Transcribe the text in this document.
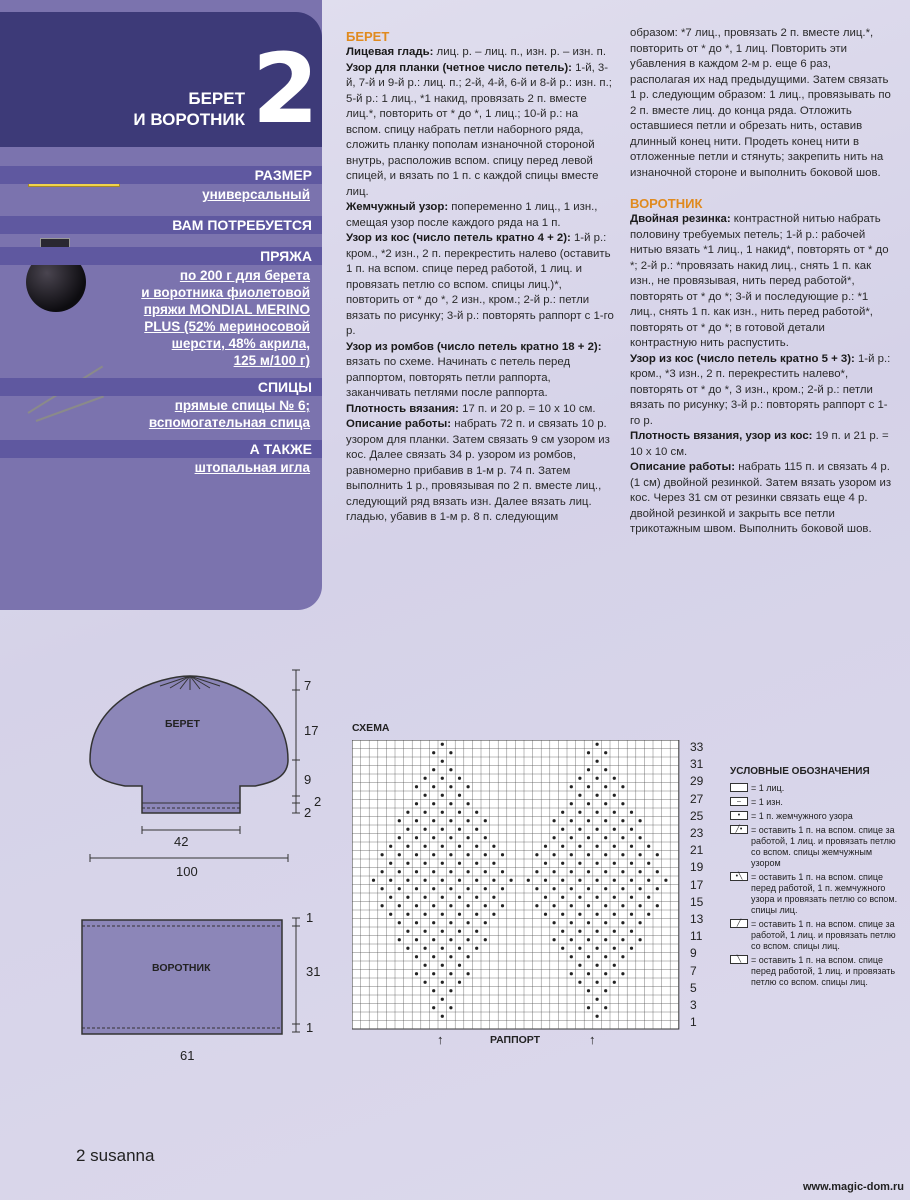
БЕРЕТ
И ВОРОТНИК 2
РАЗМЕР
универсальный
ВАМ ПОТРЕБУЕТСЯ
ПРЯЖА
по 200 г для берета
и воротника фиолетовой
пряжи MONDIAL MERINO
PLUS (52% мериносовой
шерсти, 48% акрила,
125 м/100 г)
СПИЦЫ
прямые спицы № 6;
вспомогательная спица
А ТАКЖЕ
штопальная игла
БЕРЕТ

Лицевая гладь: лиц. р. – лиц. п., изн. р. – изн. п.

Узор для планки (четное число петель): 1-й, 3-й, 7-й и 9-й р.: лиц. п.; 2-й, 4-й, 6-й и 8-й р.: изн. п.; 5-й р.: 1 лиц., *1 накид, провязать 2 п. вместе лиц.*, повторить от * до *, 1 лиц.; 10-й р.: на вспом. спицу набрать петли наборного ряда, сложить планку пополам изнаночной стороной внутрь, расположив вспом. спицу перед левой спицей, и вязать по 1 п. с каждой спицы вместе лиц.

Жемчужный узор: попеременно 1 лиц., 1 изн., смещая узор после каждого ряда на 1 п.

Узор из кос (число петель кратно 4 + 2): 1-й р.: кром., *2 изн., 2 п. перекрестить налево (оставить 1 п. на вспом. спице перед работой, 1 лиц. и провязать петлю со вспом. спицы лиц.)*, повторить от * до *, 2 изн., кром.; 2-й р.: петли вязать по рисунку; 3-й р.: повторять раппорт с 1-го р.

Узор из ромбов (число петель кратно 18 + 2): вязать по схеме. Начинать с петель перед раппортом, повторять петли раппорта, заканчивать петлями после раппорта.

Плотность вязания: 17 п. и 20 р. = 10 х 10 см.

Описание работы: набрать 72 п. и связать 10 р. узором для планки. Затем связать 9 см узором из кос. Далее связать 34 р. узором из ромбов, равномерно прибавив в 1-м р. 74 п. Затем выполнить 1 р., провязывая по 2 п. вместе лиц., следующий ряд вязать изн. Далее вязать лиц. гладью, убавив в 1-м р. 8 п. следующим

образом: *7 лиц., провязать 2 п. вместе лиц.*, повторить от * до *, 1 лиц. Повторить эти убавления в каждом 2-м р. еще 6 раз, располагая их над предыдущими. Затем связать 1 р. следующим образом: 1 лиц., провязывать по 2 п. вместе лиц. до конца ряда. Отложить оставшиеся петли и обрезать нить, оставив длинный конец нити. Продеть конец нити в отложенные петли и стянуть; закрепить нить на изнаночной стороне и выполнить боковой шов.

ВОРОТНИК

Двойная резинка: контрастной нитью набрать половину требуемых петель; 1-й р.: рабочей нитью вязать *1 лиц., 1 накид*, повторять от * до *; 2-й р.: *провязать накид лиц., снять 1 п. как изн., не провязывая, нить перед работой*, повторять от * до *; 3-й и последующие р.: *1 лиц., снять 1 п. как изн., нить перед работой*, повторять от * до *; в готовой детали контрастную нить распустить.

Узор из кос (число петель кратно 5 + 3): 1-й р.: кром., *3 изн., 2 п. перекрестить налево*, повторять от * до *, 3 изн., кром.; 2-й р.: петли вязать по рисунку; 3-й р.: повторять раппорт с 1-го р.

Плотность вязания, узор из кос: 19 п. и 21 р. = 10 х 10 см.

Описание работы: набрать 115 п. и связать 4 р. (1 см) двойной резинкой. Затем вязать узором из кос. Через 31 см от резинки связать еще 4 р. двойной резинкой и закрыть все петли трикотажным швом. Выполнить боковой шов.

БЕРЕТ
7
17
9
2
2
42
100
ВОРОТНИК
1
31
1
61
СХЕМА
33
31
29
27
25
23
21
19
17
15
13
11
9
7
5
3
1
РАППОРТ
↑	↑
УСЛОВНЫЕ ОБОЗНАЧЕНИЯ
= 1 лиц.
–	= 1 изн.
•	= 1 п. жемчужного узора
╱• = оставить 1 п. на вспом. спице за работой, 1 лиц. и провязать петлю со вспом. спицы жемчужным узором
•╲ = оставить 1 п. на вспом. спице перед работой, 1 п. жемчужного узора и провязать петлю со вспом. спицы лиц.
╱	= оставить 1 п. на вспом. спице за работой, 1 лиц. и провязать петлю со вспом. спицы лиц.
╲	= оставить 1 п. на вспом. спице перед работой, 1 лиц. и провязать петлю со вспом. спицы лиц.
2 susanna
www.magic-dom.ru
